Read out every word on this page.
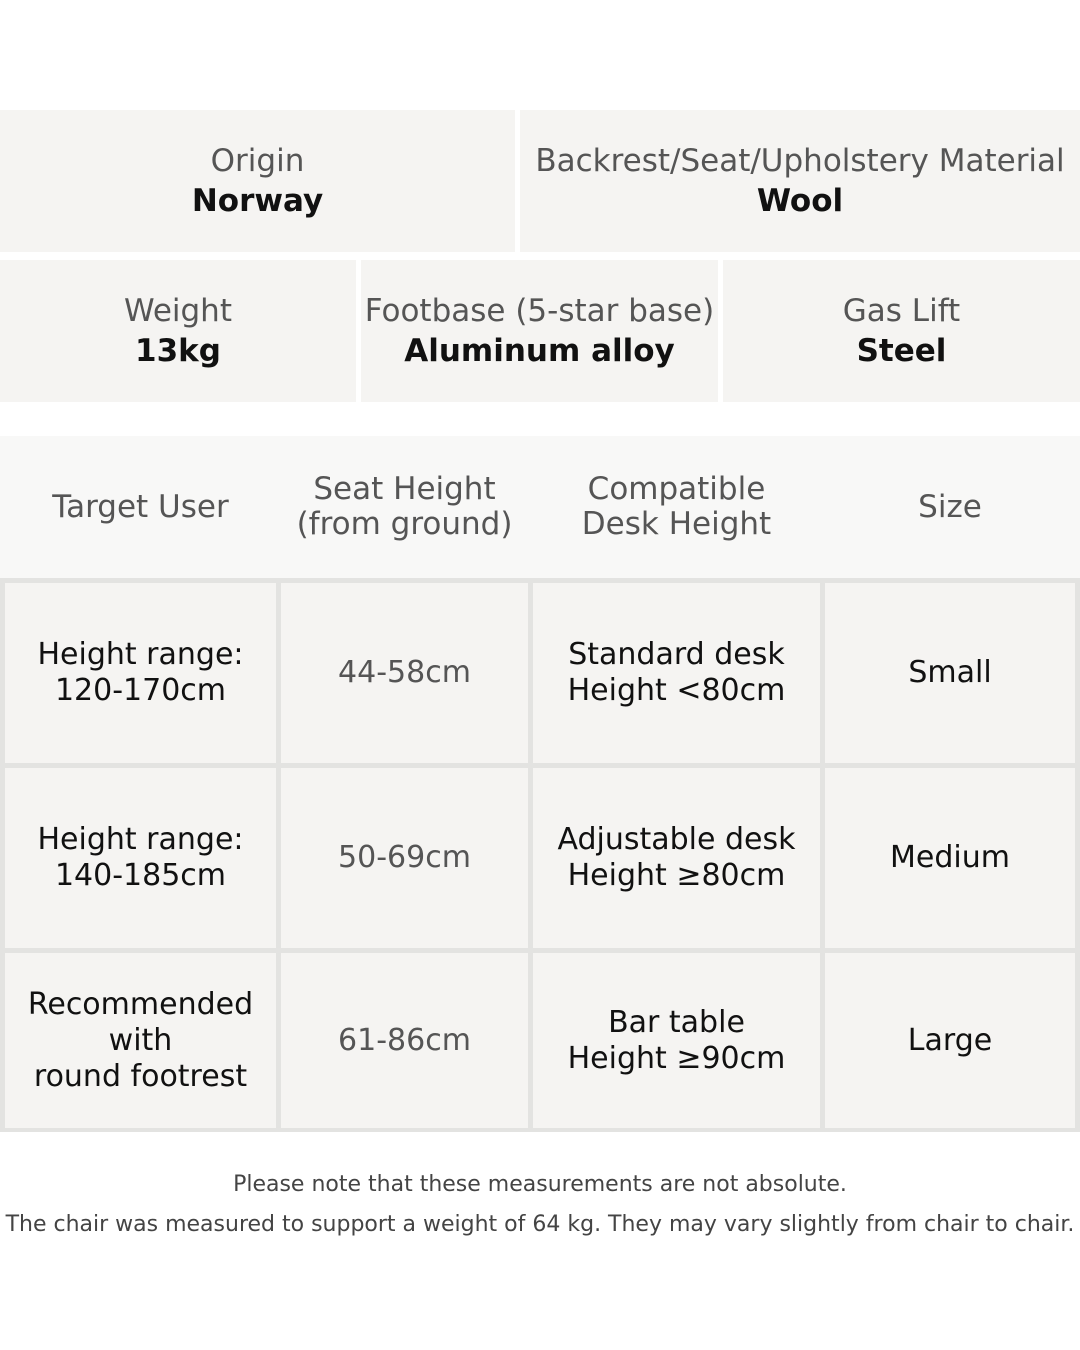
Origin
Norway
Backrest/Seat/Upholstery Material
Wool
Weight
13kg
Footbase (5-star base)
Aluminum alloy
Gas Lift
Steel
Target User	Seat Height
(from ground)
Compatible
Desk Height	Size
Height range:
120-170cm
44-58cm
Standard desk
Height <80cm
Small
Height range:
140-185cm
50-69cm
Adjustable desk
Height ≥80cm
Medium
Recommended
with
round footrest
61-86cm
Bar table
Height ≥90cm
Large
Please note that these measurements are not absolute.
The chair was measured to support a weight of 64 kg. They may vary slightly from chair to chair.
